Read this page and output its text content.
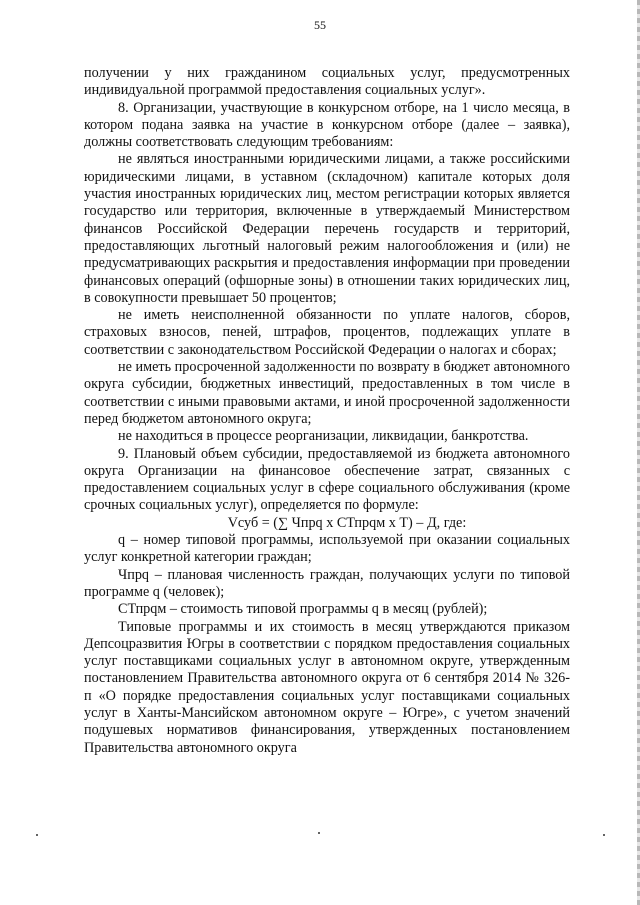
55

получении у них гражданином социальных услуг, предусмотренных индивидуальной программой предоставления социальных услуг».

8. Организации, участвующие в конкурсном отборе, на 1 число месяца, в котором подана заявка на участие в конкурсном отборе (далее – заявка), должны соответствовать следующим требованиям:

не являться иностранными юридическими лицами, а также российскими юридическими лицами, в уставном (складочном) капитале которых доля участия иностранных юридических лиц, местом регистрации которых является государство или территория, включенные в утверждаемый Министерством финансов Российской Федерации перечень государств и территорий, предоставляющих льготный налоговый режим налогообложения и (или) не предусматривающих раскрытия и предоставления информации при проведении финансовых операций (офшорные зоны) в отношении таких юридических лиц, в совокупности превышает 50 процентов;

не иметь неисполненной обязанности по уплате налогов, сборов, страховых взносов, пеней, штрафов, процентов, подлежащих уплате в соответствии с законодательством Российской Федерации о налогах и сборах;

не иметь просроченной задолженности по возврату в бюджет автономного округа субсидии, бюджетных инвестиций, предоставленных в том числе в соответствии с иными правовыми актами, и иной просроченной задолженности перед бюджетом автономного округа;

не находиться в процессе реорганизации, ликвидации, банкротства.

9. Плановый объем субсидии, предоставляемой из бюджета автономного округа Организации на финансовое обеспечение затрат, связанных с предоставлением социальных услуг в сфере социального обслуживания (кроме срочных социальных услуг), определяется по формуле:

Vсуб = (∑ Чпрq x СТпрqм x Т) – Д, где:

q – номер типовой программы, используемой при оказании социальных услуг конкретной категории граждан;

Чпрq – плановая численность граждан, получающих услуги по типовой программе q (человек);

СТпрqм – стоимость типовой программы q в месяц (рублей);

Типовые программы и их стоимость в месяц утверждаются приказом Депсоцразвития Югры в соответствии с порядком предоставления социальных услуг поставщиками социальных услуг в автономном округе, утвержденным постановлением Правительства автономного округа от 6 сентября 2014 № 326-п «О порядке предоставления социальных услуг поставщиками социальных услуг в Ханты-Мансийском автономном округе – Югре», с учетом значений подушевых нормативов финансирования, утвержденных постановлением Правительства автономного округа
